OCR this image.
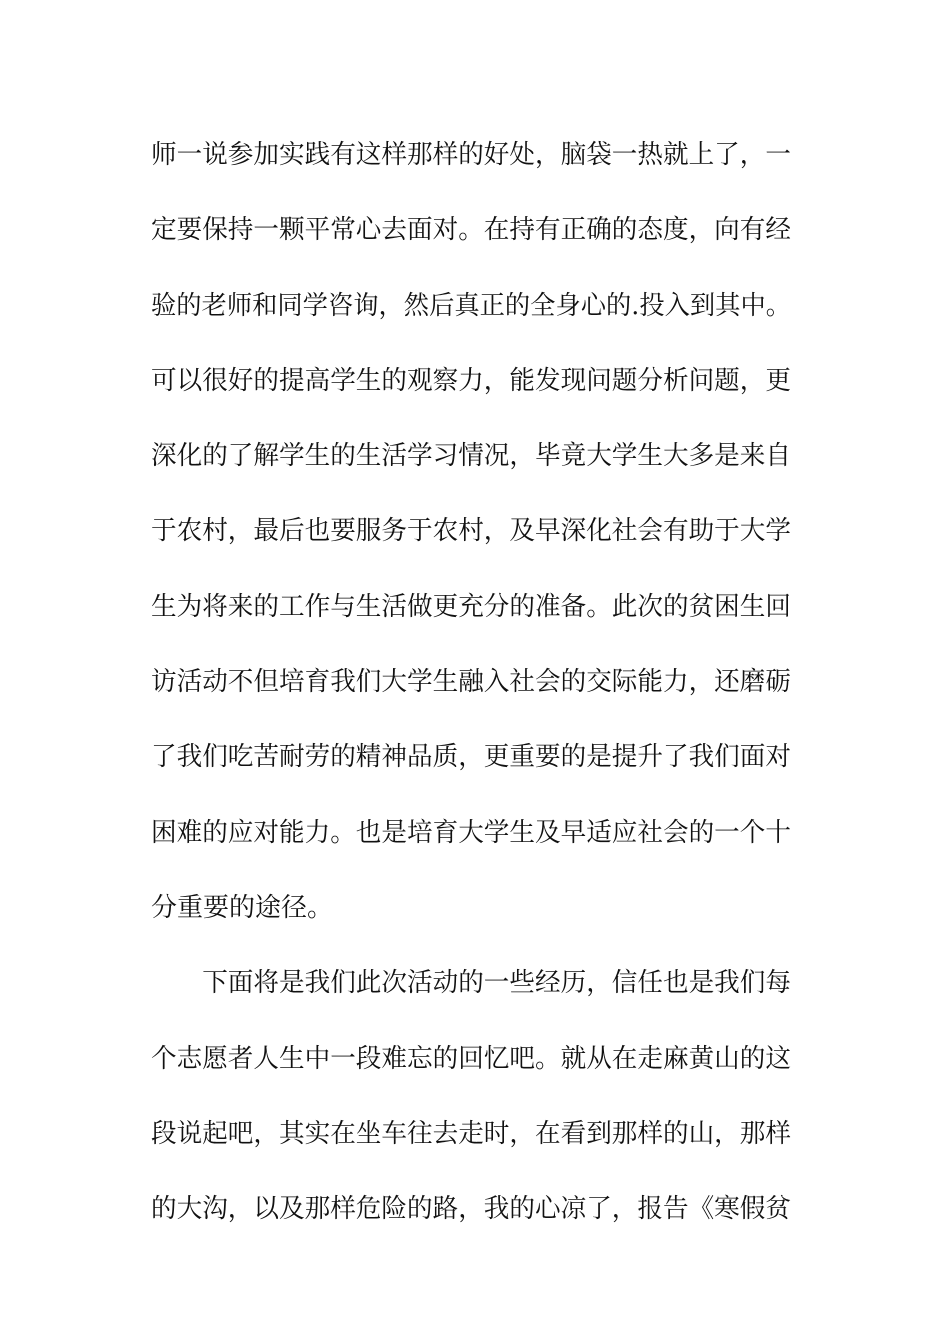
师一说参加实践有这样那样的好处，脑袋一热就上了，一
定要保持一颗平常心去面对。在持有正确的态度，向有经
验的老师和同学咨询，然后真正的全身心的.投入到其中。
可以很好的提高学生的观察力，能发现问题分析问题，更
深化的了解学生的生活学习情况，毕竟大学生大多是来自
于农村，最后也要服务于农村，及早深化社会有助于大学
生为将来的工作与生活做更充分的准备。此次的贫困生回
访活动不但培育我们大学生融入社会的交际能力，还磨砺
了我们吃苦耐劳的精神品质，更重要的是提升了我们面对
困难的应对能力。也是培育大学生及早适应社会的一个十
分重要的途径。
　　下面将是我们此次活动的一些经历，信任也是我们每
个志愿者人生中一段难忘的回忆吧。就从在走麻黄山的这
段说起吧，其实在坐车往去走时，在看到那样的山，那样
的大沟，以及那样危险的路，我的心凉了，报告《寒假贫
